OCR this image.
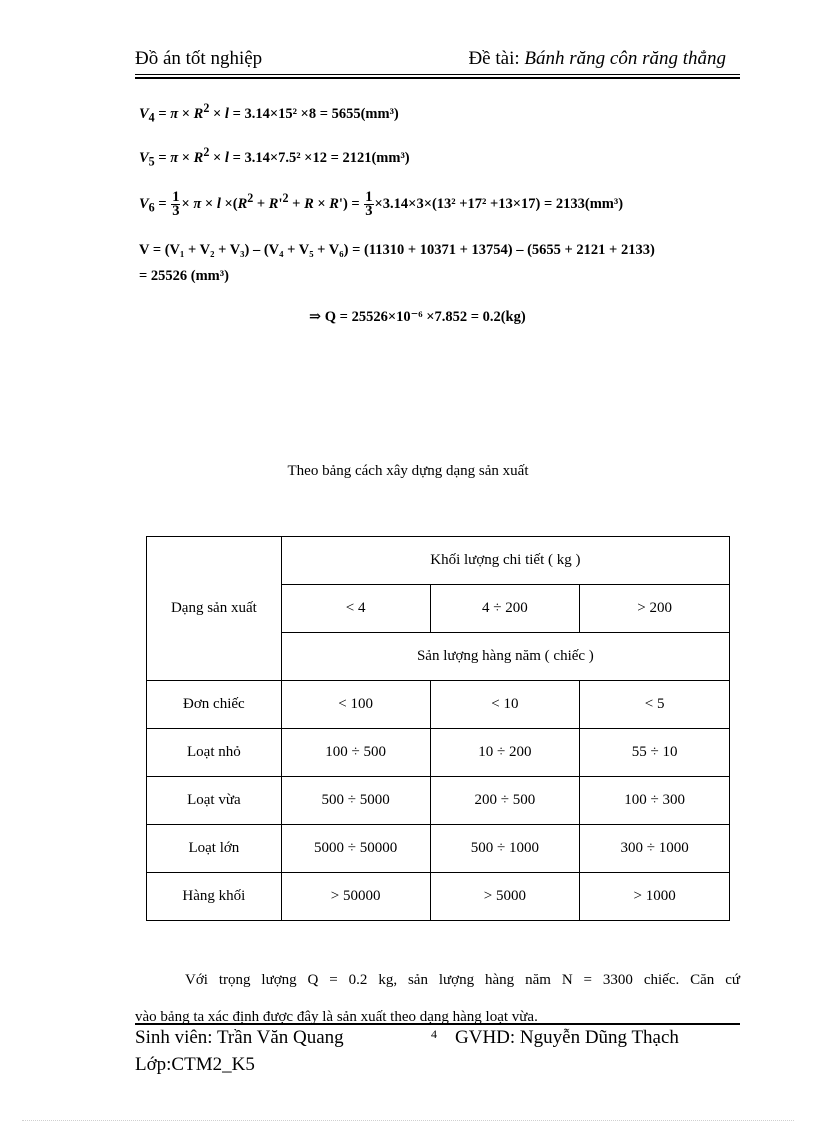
Đồ án tốt nghiệp	Đề tài: Bánh răng côn răng thẳng
$V_4 = \pi \times R^2 \times l = 3.14\times 15^2 \times 8 = 5655(mm^3)$
$V_5 = \pi \times R^2 \times l = 3.14\times 7.5^2 \times 12 = 2121(mm^3)$
$V_6 = \frac{1}{3} \times \pi \times l \times(R^2 + R'^2 + R \times R') = \frac{1}{3} \times 3.14\times 3\times(13^2 +17^2 +13\times 17) = 2133(mm^3)$
V = (V₁ + V₂ + V₃) – (V₄ + V₅ + V₆) = (11310 + 10371 + 13754) – (5655 + 2121 + 2133)
= 25526 (mm³)
⇒ Q = 25526×10⁻⁶ ×7.852 = 0.2(kg)
Theo bảng cách xây dựng dạng sản xuất
Dạng sản xuất	Khối lượng chi tiết ( kg )		
	< 4	4 ÷ 200	> 200
	Sản lượng hàng năm ( chiếc )		
Đơn chiếc	< 100	< 10	< 5
Loạt nhỏ	100 ÷ 500	10 ÷ 200	55 ÷ 10
Loạt vừa	500 ÷ 5000	200 ÷ 500	100 ÷ 300
Loạt lớn	5000 ÷ 50000	500 ÷ 1000	300 ÷ 1000
Hàng khối	> 50000	> 5000	> 1000
Với trọng lượng Q = 0.2 kg, sản lượng hàng năm N = 3300 chiếc. Căn cứ
vào bảng ta xác định được đây là sản xuất theo dạng hàng loạt vừa.
Sinh viên: Trần Văn Quang	4 GVHD: Nguyễn Dũng Thạch
Lớp:CTM2_K5
